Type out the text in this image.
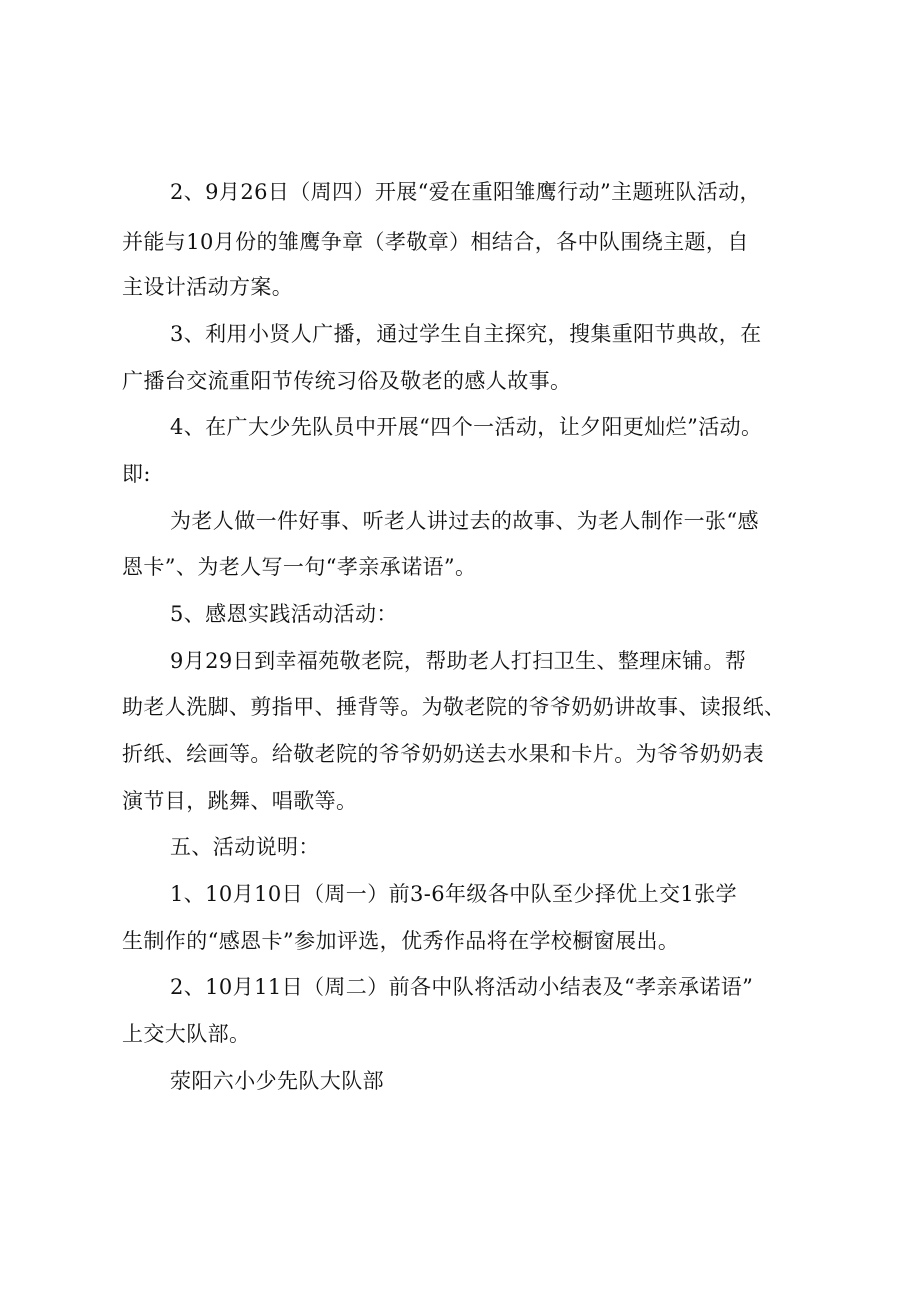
2、9月26日（周四）开展“爱在重阳雏鹰行动”主题班队活动，
并能与10月份的雏鹰争章（孝敬章）相结合，各中队围绕主题，自
主设计活动方案。
3、利用小贤人广播，通过学生自主探究，搜集重阳节典故，在
广播台交流重阳节传统习俗及敬老的感人故事。
4、在广大少先队员中开展“四个一活动，让夕阳更灿烂”活动。
即:
为老人做一件好事、听老人讲过去的故事、为老人制作一张“感
恩卡”、为老人写一句“孝亲承诺语”。
5、感恩实践活动活动：
9月29日到幸福苑敬老院，帮助老人打扫卫生、整理床铺。帮
助老人洗脚、剪指甲、捶背等。为敬老院的爷爷奶奶讲故事、读报纸、
折纸、绘画等。给敬老院的爷爷奶奶送去水果和卡片。为爷爷奶奶表
演节目，跳舞、唱歌等。
五、活动说明：
1、10月10日（周一）前3-6年级各中队至少择优上交1张学
生制作的“感恩卡”参加评选，优秀作品将在学校橱窗展出。
2、10月11日（周二）前各中队将活动小结表及“孝亲承诺语”
上交大队部。
荥阳六小少先队大队部
